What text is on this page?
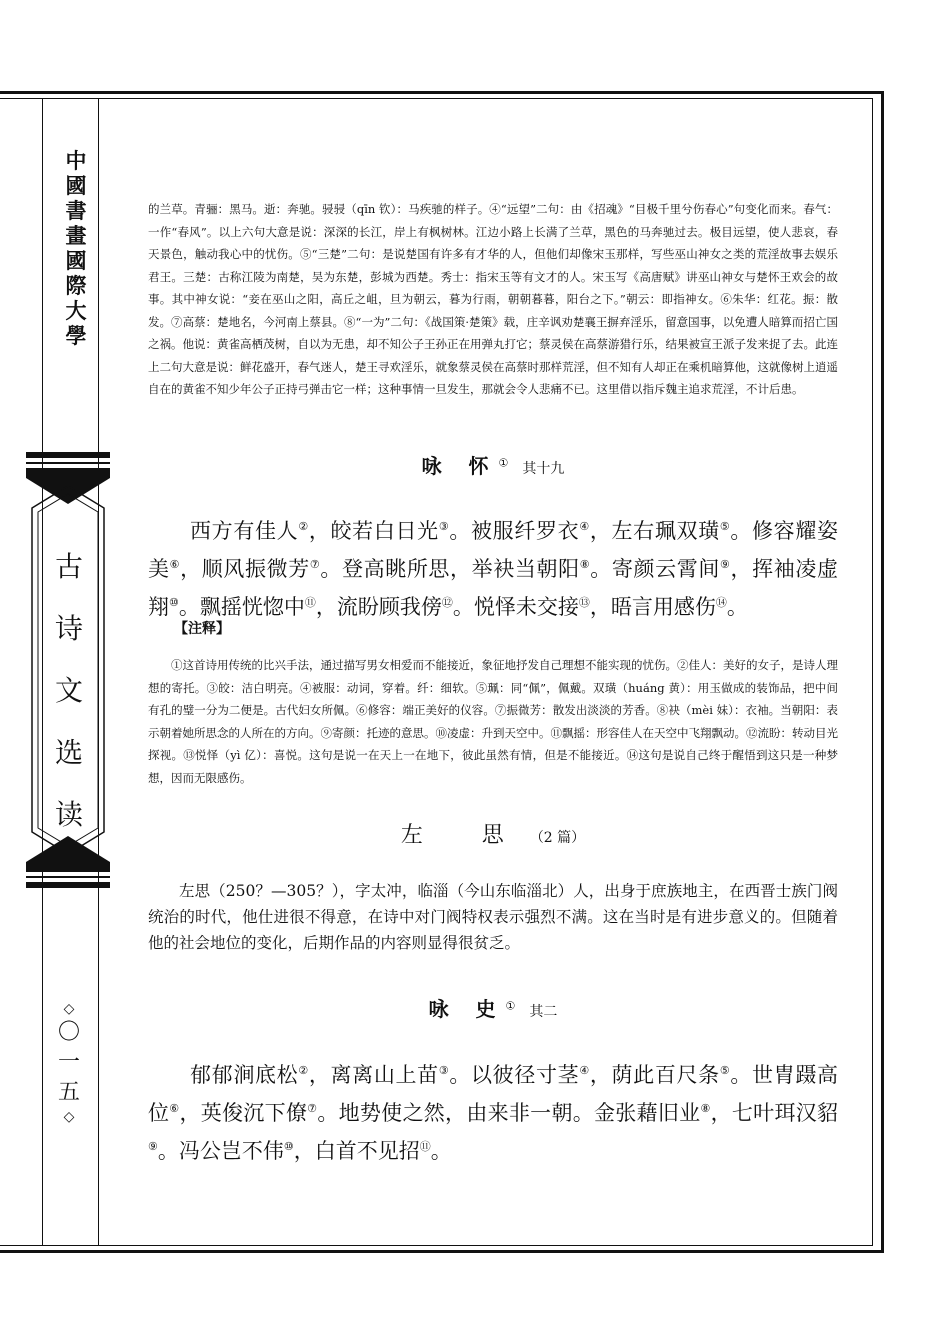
中
國
書
畫
國
際
大
學
古
诗
文
选
读
◇
〇
一
五
◇

的兰草。青骊：黑马。逝：奔驰。骎骎（qīn 钦）：马疾驰的样子。④“远望”二句：由《招魂》“目极千里兮伤春心”句变化而来。春气：一作“春风”。以上六句大意是说：深深的长江，岸上有枫树林。江边小路上长满了兰草，黑色的马奔驰过去。极目远望，使人悲哀，春天景色，触动我心中的忧伤。⑤“三楚”二句：是说楚国有许多有才华的人，但他们却像宋玉那样，写些巫山神女之类的荒淫故事去娱乐君王。三楚：古称江陵为南楚，吴为东楚，彭城为西楚。秀士：指宋玉等有文才的人。宋玉写《高唐赋》讲巫山神女与楚怀王欢会的故事。其中神女说：“妾在巫山之阳，高丘之岨，旦为朝云，暮为行雨，朝朝暮暮，阳台之下。”朝云：即指神女。⑥朱华：红花。振：散发。⑦高蔡：楚地名，今河南上蔡县。⑧“一为”二句：《战国策·楚策》载，庄辛讽劝楚襄王摒弃淫乐，留意国事，以免遭人暗算而招亡国之祸。他说：黄雀高栖茂树，自以为无患，却不知公子王孙正在用弹丸打它；蔡灵侯在高蔡游猎行乐，结果被宣王派子发来捉了去。此连上二句大意是说：鲜花盛开，春气迷人，楚王寻欢淫乐，就象蔡灵侯在高蔡时那样荒淫，但不知有人却正在乘机暗算他，这就像树上逍遥自在的黄雀不知少年公子正持弓弹击它一样；这种事情一旦发生，那就会令人悲痛不已。这里借以指斥魏主追求荒淫，不计后患。

咏 怀① 其十九

西方有佳人②，皎若白日光③。被服纤罗衣④，左右珮双璜⑤。修容耀姿美⑥，顺风振微芳⑦。登高眺所思，举袂当朝阳⑧。寄颜云霄间⑨，挥袖凌虚翔⑩。飘摇恍惚中⑪，流盼顾我傍⑫。悦怿未交接⑬，晤言用感伤⑭。

【注释】

①这首诗用传统的比兴手法，通过描写男女相爱而不能接近，象征地抒发自己理想不能实现的忧伤。②佳人：美好的女子，是诗人理想的寄托。③皎：洁白明亮。④被服：动词，穿着。纤：细软。⑤珮：同“佩”，佩戴。双璜（huáng 黄）：用玉做成的装饰品，把中间有孔的璧一分为二便是。古代妇女所佩。⑥修容：端正美好的仪容。⑦振微芳：散发出淡淡的芳香。⑧袂（mèi 妹）：衣袖。当朝阳：表示朝着她所思念的人所在的方向。⑨寄颜：托迹的意思。⑩凌虚：升到天空中。⑪飘摇：形容佳人在天空中飞翔飘动。⑫流盼：转动目光探视。⑬悦怿（yì 亿）：喜悦。这句是说一在天上一在地下，彼此虽然有情，但是不能接近。⑭这句是说自己终于醒悟到这只是一种梦想，因而无限感伤。

左 思（2 篇）

左思（250？—305？），字太冲，临淄（今山东临淄北）人，出身于庶族地主，在西晋士族门阀统治的时代，他仕进很不得意，在诗中对门阀特权表示强烈不满。这在当时是有进步意义的。但随着他的社会地位的变化，后期作品的内容则显得很贫乏。

咏 史① 其二

郁郁涧底松②，离离山上苗③。以彼径寸茎④，荫此百尺条⑤。世胄蹑高位⑥，英俊沉下僚⑦。地势使之然，由来非一朝。金张藉旧业⑧，七叶珥汉貂⑨。冯公岂不伟⑩，白首不见招⑪。
